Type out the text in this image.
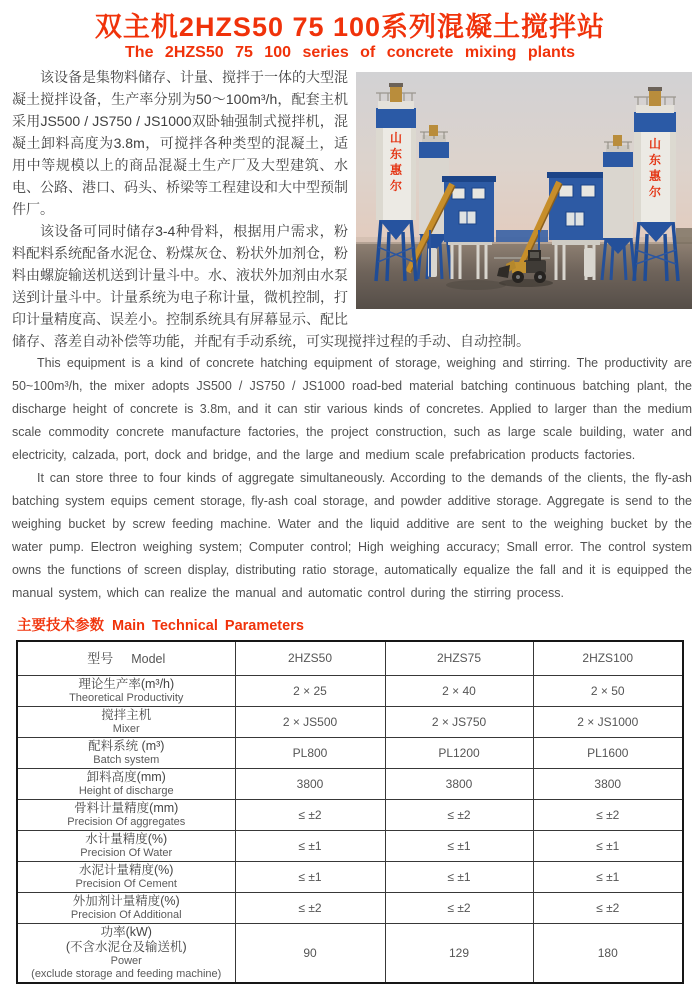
双主机2HZS50 75 100系列混凝土搅拌站
The 2HZS50 75 100 series of concrete mixing plants
山
东
惠
尔
山
东
惠
尔

该设备是集物料储存、计量、搅拌于一体的大型混凝土搅拌设备，生产率分别为50～100m³/h，配套主机采用JS500 / JS750 / JS1000双卧轴强制式搅拌机，混凝土卸料高度为3.8m，可搅拌各种类型的混凝土，适用中等规模以上的商品混凝土生产厂及大型建筑、水电、公路、港口、码头、桥梁等工程建设和大中型预制件厂。

该设备可同时储存3-4种骨料，根据用户需求，粉料配料系统配备水泥仓、粉煤灰仓、粉状外加剂仓，粉料由螺旋输送机送到计量斗中。水、液状外加剂由水泵送到计量斗中。计量系统为电子称计量，微机控制，打印计量精度高、误差小。控制系统具有屏幕显示、配比储存、落差自动补偿等功能，并配有手动系统，可实现搅拌过程的手动、自动控制。

This equipment is a kind of concrete hatching equipment of storage, weighing and stirring. The productivity are 50~100m³/h, the mixer adopts JS500 / JS750 / JS1000 road-bed material batching continuous batching plant, the discharge height of concrete is 3.8m, and it can stir various kinds of concretes. Applied to larger than the medium scale commodity concrete manufacture factories, the project construction, such as large scale building, water and electricity, calzada, port, dock and bridge, and the large and medium scale prefabrication products factories.

It can store three to four kinds of aggregate simultaneously. According to the demands of the clients, the fly-ash batching system equips cement storage, fly-ash coal storage, and powder additive storage. Aggregate is send to the weighing bucket by screw feeding machine. Water and the liquid additive are sent to the weighing bucket by the water pump. Electron weighing system; Computer control; High weighing accuracy; Small error. The control system owns the functions of screen display, distributing ratio storage, automatically equalize the fall and it is equipped the manual system, which can realize the manual and automatic control during the stirring process.

主要技术参数 Main Technical Parameters
型号 Model	2HZS50	2HZS75	2HZS100

理论生产率(m³/h)
Theoretical Productivity	2 × 25	2 × 40	2 × 50

搅拌主机
Mixer	2 × JS500	2 × JS750	2 × JS1000

配料系统 (m³)
Batch system	PL800	PL1200	PL1600

卸料高度(mm)
Height of discharge	3800	3800	3800

骨料计量精度(mm)
Precision Of aggregates	≤ ±2	≤ ±2	≤ ±2

水计量精度(%)
Precision Of Water	≤ ±1	≤ ±1	≤ ±1

水泥计量精度(%)
Precision Of Cement	≤ ±1	≤ ±1	≤ ±1

外加剂计量精度(%)
Precision Of Additional	≤ ±2	≤ ±2	≤ ±2

功率(kW)
(不含水泥仓及输送机)
Power
(exclude storage and feeding machine)	90	129	180
